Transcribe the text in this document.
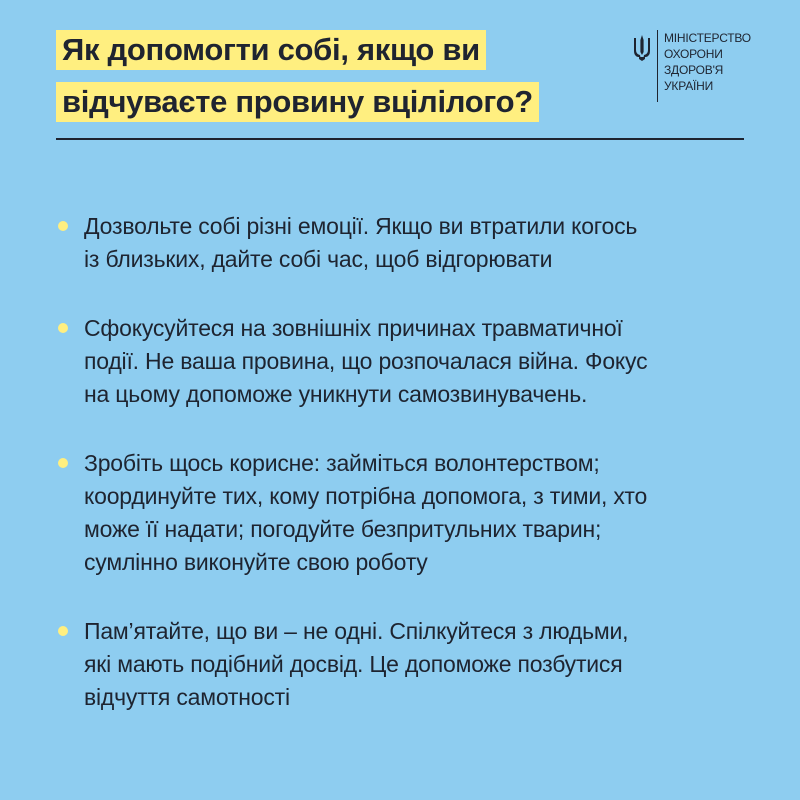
Як допомогти собі, якщо ви
відчуваєте провину вцілілого?
МІНІСТЕРСТВО
ОХОРОНИ
ЗДОРОВ'Я
УКРАЇНИ
Дозвольте собі різні емоції. Якщо ви втратили когось
із близьких, дайте собі час, щоб відгорювати
Сфокусуйтеся на зовнішніх причинах травматичної
події. Не ваша провина, що розпочалася війна. Фокус
на цьому допоможе уникнути самозвинувачень.
Зробіть щось корисне: займіться волонтерством;
координуйте тих, кому потрібна допомога, з тими, хто
може її надати; погодуйте безпритульних тварин;
сумлінно виконуйте свою роботу
Пам’ятайте, що ви – не одні. Спілкуйтеся з людьми,
які мають подібний досвід. Це допоможе позбутися
відчуття самотності
